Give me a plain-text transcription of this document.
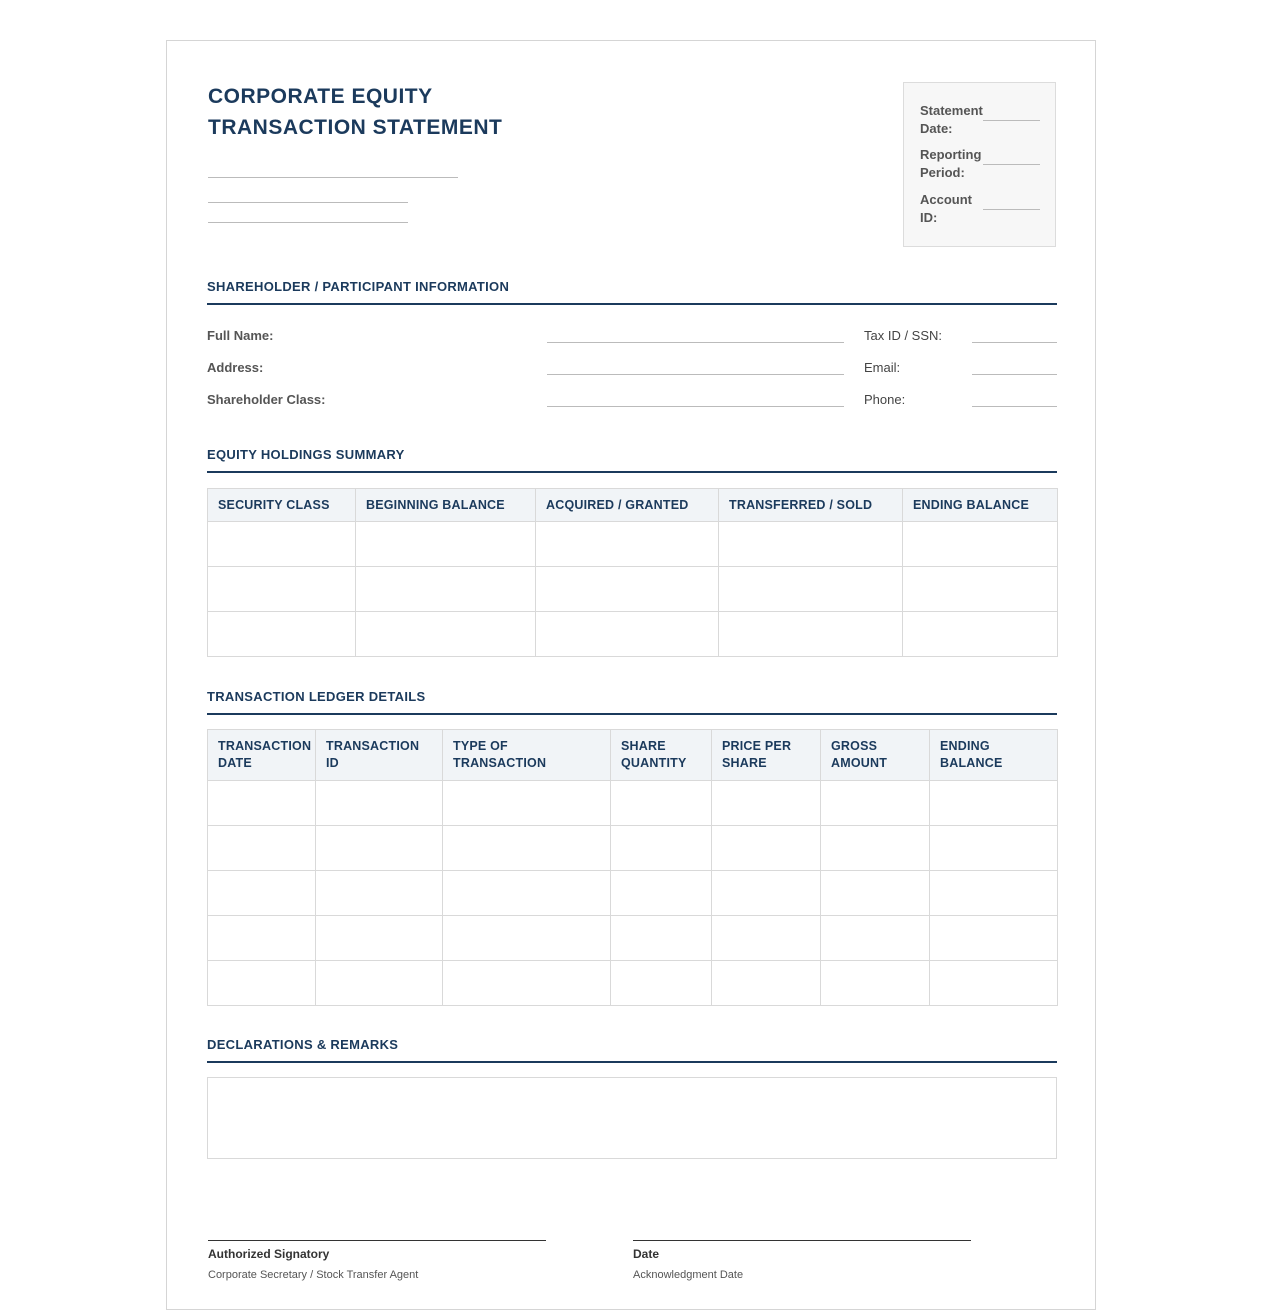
CORPORATE EQUITY
TRANSACTION STATEMENT
Statement Date:
Reporting Period:
Account ID:
SHAREHOLDER / PARTICIPANT INFORMATION
Full Name:	Tax ID / SSN:
Address:	Email:
Shareholder Class:	Phone:
EQUITY HOLDINGS SUMMARY
SECURITY CLASS	BEGINNING BALANCE	ACQUIRED / GRANTED	TRANSFERRED / SOLD	ENDING BALANCE

TRANSACTION LEDGER DETAILS
TRANSACTION DATE	TRANSACTION ID	TYPE OF TRANSACTION	SHARE QUANTITY	PRICE PER SHARE	GROSS AMOUNT	ENDING BALANCE

DECLARATIONS & REMARKS
Authorized Signatory
Corporate Secretary / Stock Transfer Agent
Date
Acknowledgment Date
